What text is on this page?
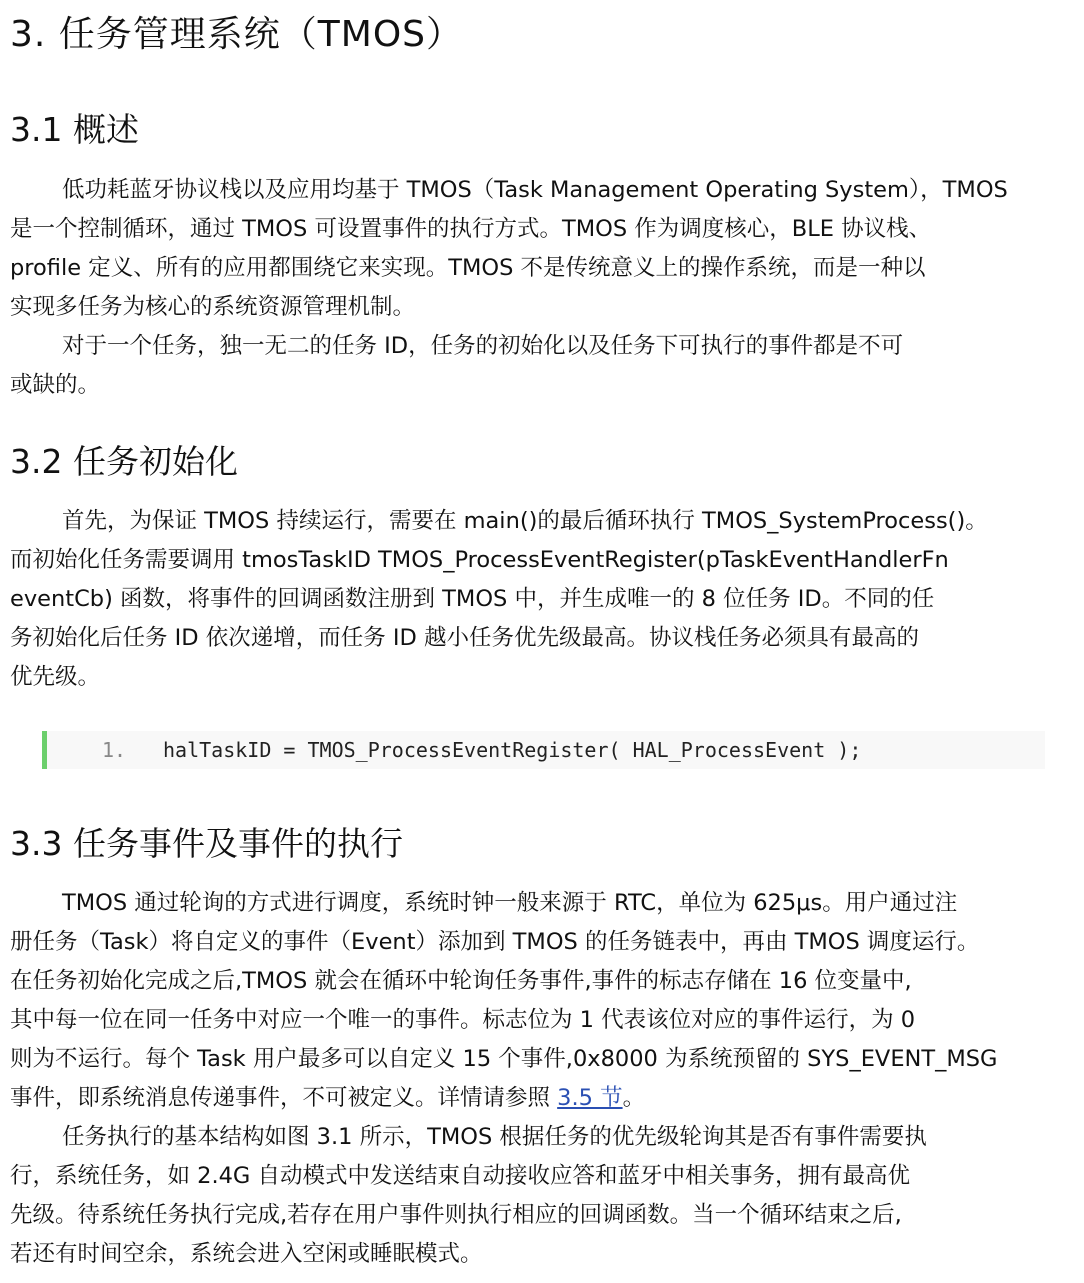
3. 任务管理系统（TMOS）
3.1 概述
低功耗蓝牙协议栈以及应用均基于 TMOS（Task Management Operating System），TMOS
是一个控制循环，通过 TMOS 可设置事件的执行方式。TMOS 作为调度核心，BLE 协议栈、
profile 定义、所有的应用都围绕它来实现。TMOS 不是传统意义上的操作系统，而是一种以
实现多任务为核心的系统资源管理机制。
对于一个任务，独一无二的任务 ID，任务的初始化以及任务下可执行的事件都是不可
或缺的。
3.2 任务初始化
首先，为保证 TMOS 持续运行，需要在 main()的最后循环执行 TMOS_SystemProcess()。
而初始化任务需要调用 tmosTaskID TMOS_ProcessEventRegister(pTaskEventHandlerFn
eventCb) 函数，将事件的回调函数注册到 TMOS 中，并生成唯一的 8 位任务 ID。不同的任
务初始化后任务 ID 依次递增，而任务 ID 越小任务优先级最高。协议栈任务必须具有最高的
优先级。
3.3 任务事件及事件的执行
TMOS 通过轮询的方式进行调度，系统时钟一般来源于 RTC，单位为 625μs。用户通过注
册任务（Task）将自定义的事件（Event）添加到 TMOS 的任务链表中，再由 TMOS 调度运行。
在任务初始化完成之后,TMOS 就会在循环中轮询任务事件,事件的标志存储在 16 位变量中,
其中每一位在同一任务中对应一个唯一的事件。标志位为 1 代表该位对应的事件运行，为 0
则为不运行。每个 Task 用户最多可以自定义 15 个事件,0x8000 为系统预留的 SYS_EVENT_MSG
事件，即系统消息传递事件，不可被定义。详情请参照 3.5 节。
任务执行的基本结构如图 3.1 所示，TMOS 根据任务的优先级轮询其是否有事件需要执
行，系统任务，如 2.4G 自动模式中发送结束自动接收应答和蓝牙中相关事务，拥有最高优
先级。待系统任务执行完成,若存在用户事件则执行相应的回调函数。当一个循环结束之后,
若还有时间空余，系统会进入空闲或睡眠模式。
1. halTaskID = TMOS_ProcessEventRegister( HAL_ProcessEvent );
